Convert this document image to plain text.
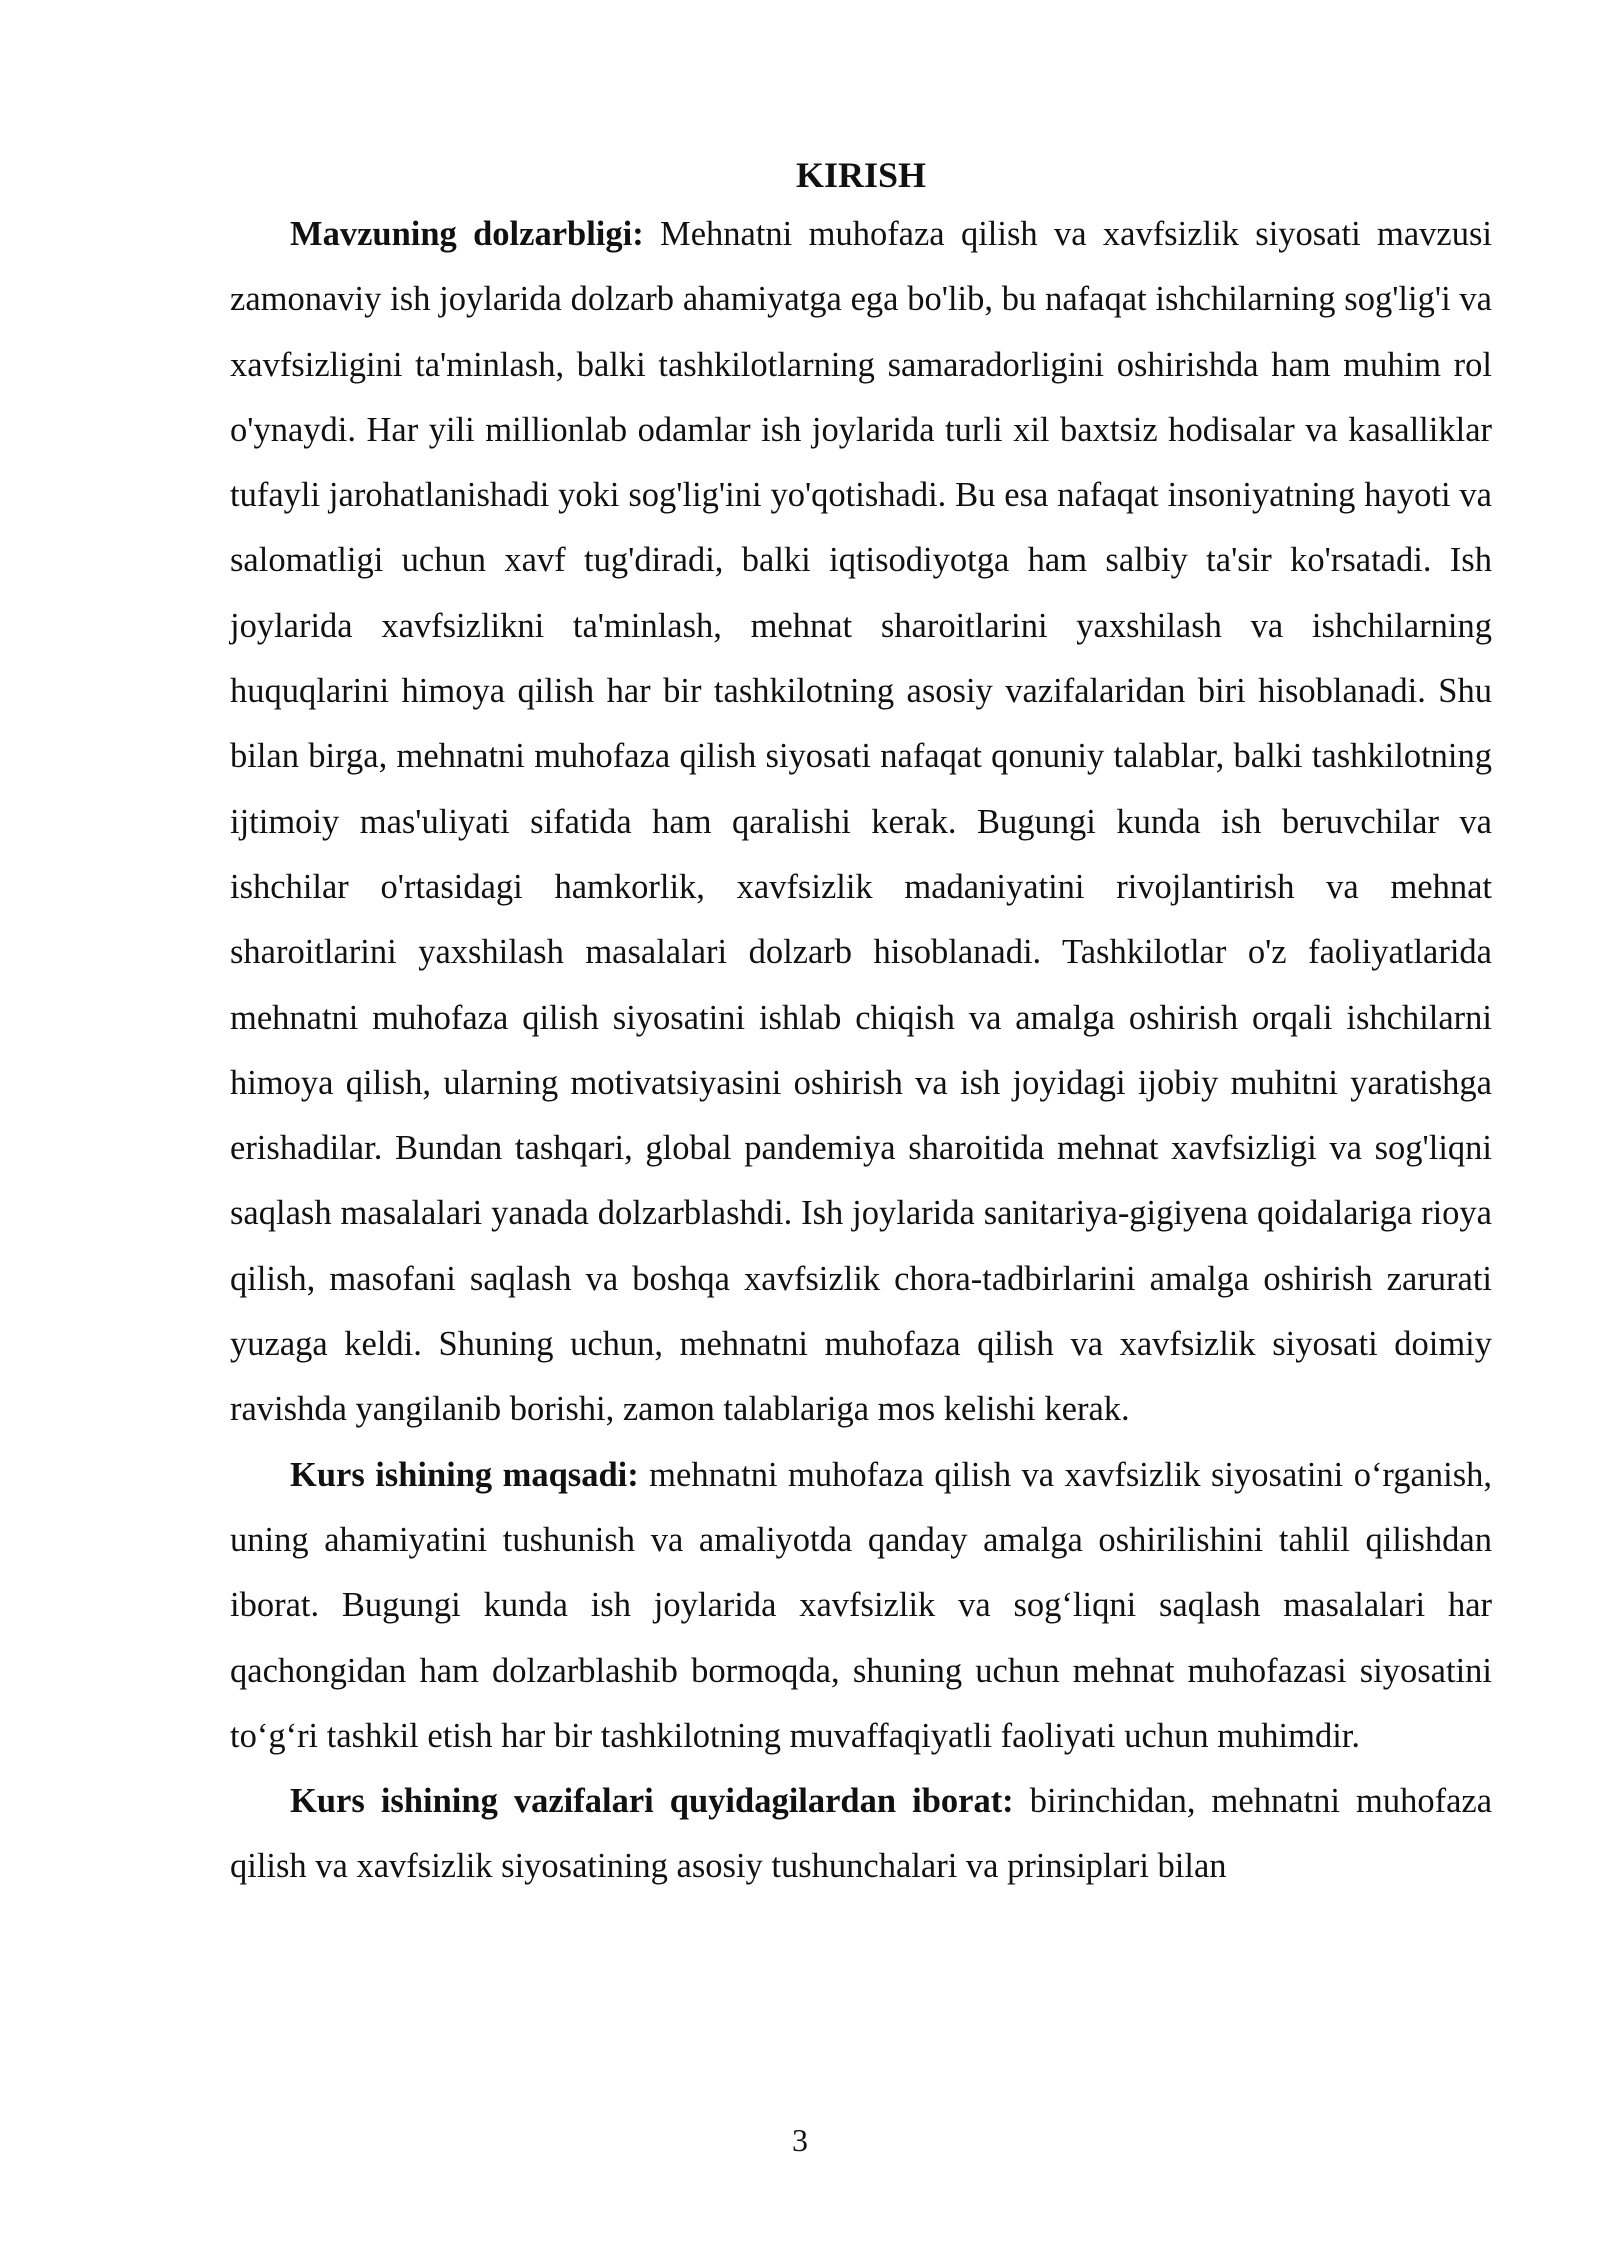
KIRISH

Mavzuning dolzarbligi: Mehnatni muhofaza qilish va xavfsizlik siyosati mavzusi zamonaviy ish joylarida dolzarb ahamiyatga ega bo'lib, bu nafaqat ishchilarning sog'lig'i va xavfsizligini ta'minlash, balki tashkilotlarning samaradorligini oshirishda ham muhim rol o'ynaydi. Har yili millionlab odamlar ish joylarida turli xil baxtsiz hodisalar va kasalliklar tufayli jarohatlanishadi yoki sog'lig'ini yo'qotishadi. Bu esa nafaqat insoniyatning hayoti va salomatligi uchun xavf tug'diradi, balki iqtisodiyotga ham salbiy ta'sir ko'rsatadi. Ish joylarida xavfsizlikni ta'minlash, mehnat sharoitlarini yaxshilash va ishchilarning huquqlarini himoya qilish har bir tashkilotning asosiy vazifalaridan biri hisoblanadi. Shu bilan birga, mehnatni muhofaza qilish siyosati nafaqat qonuniy talablar, balki tashkilotning ijtimoiy mas'uliyati sifatida ham qaralishi kerak. Bugungi kunda ish beruvchilar va ishchilar o'rtasidagi hamkorlik, xavfsizlik madaniyatini rivojlantirish va mehnat sharoitlarini yaxshilash masalalari dolzarb hisoblanadi. Tashkilotlar o'z faoliyatlarida mehnatni muhofaza qilish siyosatini ishlab chiqish va amalga oshirish orqali ishchilarni himoya qilish, ularning motivatsiyasini oshirish va ish joyidagi ijobiy muhitni yaratishga erishadilar. Bundan tashqari, global pandemiya sharoitida mehnat xavfsizligi va sog'liqni saqlash masalalari yanada dolzarblashdi. Ish joylarida sanitariya-gigiyena qoidalariga rioya qilish, masofani saqlash va boshqa xavfsizlik chora-tadbirlarini amalga oshirish zarurati yuzaga keldi. Shuning uchun, mehnatni muhofaza qilish va xavfsizlik siyosati doimiy ravishda yangilanib borishi, zamon talablariga mos kelishi kerak.

Kurs ishining maqsadi: mehnatni muhofaza qilish va xavfsizlik siyosatini o‘rganish, uning ahamiyatini tushunish va amaliyotda qanday amalga oshirilishini tahlil qilishdan iborat. Bugungi kunda ish joylarida xavfsizlik va sog‘liqni saqlash masalalari har qachongidan ham dolzarblashib bormoqda, shuning uchun mehnat muhofazasi siyosatini to‘g‘ri tashkil etish har bir tashkilotning muvaffaqiyatli faoliyati uchun muhimdir.

Kurs ishining vazifalari quyidagilardan iborat: birinchidan, mehnatni muhofaza qilish va xavfsizlik siyosatining asosiy tushunchalari va prinsiplari bilan

3
